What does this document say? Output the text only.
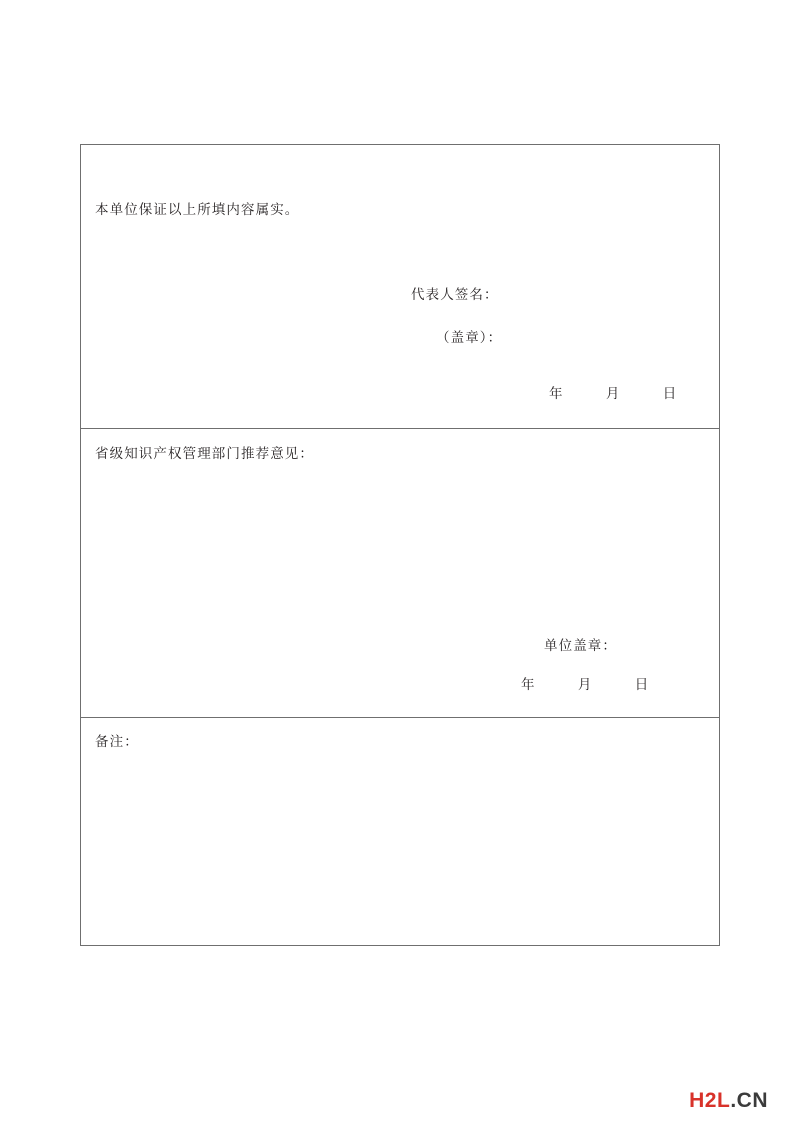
本单位保证以上所填内容属实。
代表人签名：
（盖章）：
年	月	日
省级知识产权管理部门推荐意见：
单位盖章：
年	月	日
备注：
H2L.CN
